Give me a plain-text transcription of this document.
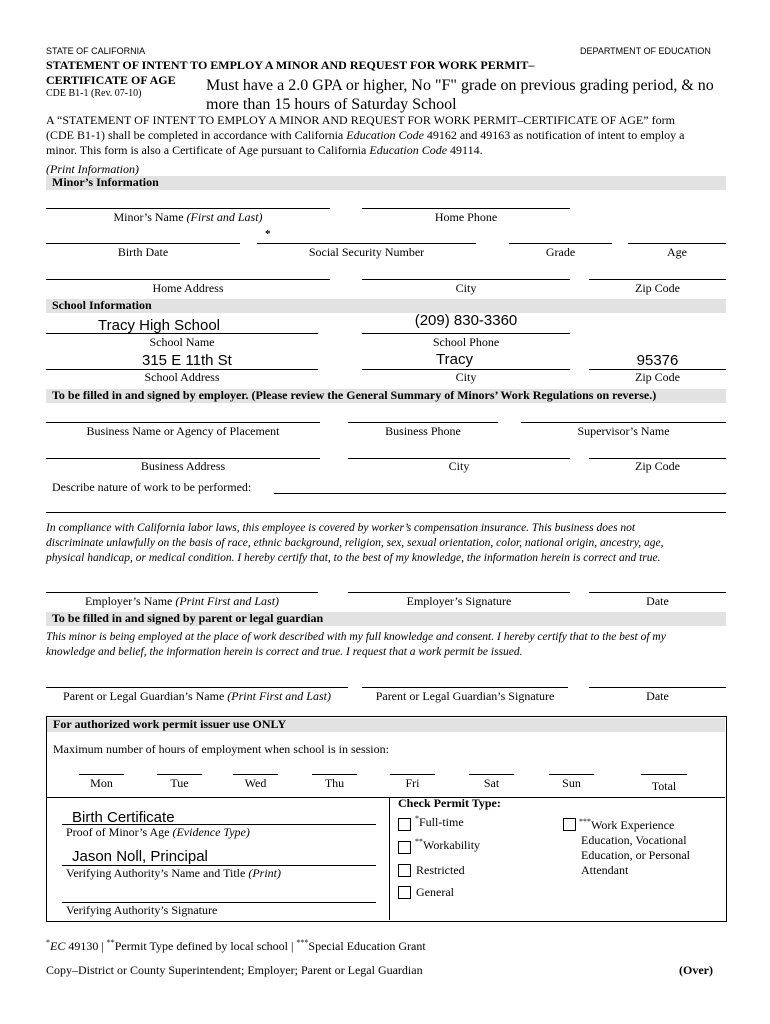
STATE OF CALIFORNIA	DEPARTMENT OF EDUCATION
STATEMENT OF INTENT TO EMPLOY A MINOR AND REQUEST FOR WORK PERMIT–
CERTIFICATE OF AGE
CDE B1-1 (Rev. 07-10)	Must have a 2.0 GPA or higher, No "F" grade on previous grading period, & no
more than 15 hours of Saturday School
A “STATEMENT OF INTENT TO EMPLOY A MINOR AND REQUEST FOR WORK PERMIT–CERTIFICATE OF AGE” form
(CDE B1-1) shall be completed in accordance with California Education Code 49162 and 49163 as notification of intent to employ a
minor. This form is also a Certificate of Age pursuant to California Education Code 49114.
(Print Information)
Minor’s Information
Minor’s Name (First and Last)	Home Phone
*
Birth Date	Social Security Number	Grade	Age
Home Address	City	Zip Code
School Information
Tracy High School	(209) 830-3360
School Name	School Phone
315 E 11th St	Tracy	95376
School Address	City	Zip Code
To be filled in and signed by employer. (Please review the General Summary of Minors’ Work Regulations on reverse.)
Business Name or Agency of Placement	Business Phone	Supervisor’s Name
Business Address	City	Zip Code
Describe nature of work to be performed:
In compliance with California labor laws, this employee is covered by worker’s compensation insurance. This business does not
discriminate unlawfully on the basis of race, ethnic background, religion, sex, sexual orientation, color, national origin, ancestry, age,
physical handicap, or medical condition. I hereby certify that, to the best of my knowledge, the information herein is correct and true.
Employer’s Name (Print First and Last)	Employer’s Signature	Date
To be filled in and signed by parent or legal guardian
This minor is being employed at the place of work described with my full knowledge and consent. I hereby certify that to the best of my
knowledge and belief, the information herein is correct and true. I request that a work permit be issued.
Parent or Legal Guardian’s Name (Print First and Last)	Parent or Legal Guardian’s Signature	Date
For authorized work permit issuer use ONLY
Maximum number of hours of employment when school is in session:
Mon	Tue	Wed	Thu	Fri	Sat	Sun	Total
Birth Certificate
Proof of Minor’s Age (Evidence Type)
Jason Noll, Principal
Verifying Authority’s Name and Title (Print)
Verifying Authority’s Signature
Check Permit Type:
*Full-time
**Workability
Restricted
General
***Work Experience
Education, Vocational
Education, or Personal
Attendant
*EC 49130 | **Permit Type defined by local school | ***Special Education Grant
Copy–District or County Superintendent; Employer; Parent or Legal Guardian	(Over)
